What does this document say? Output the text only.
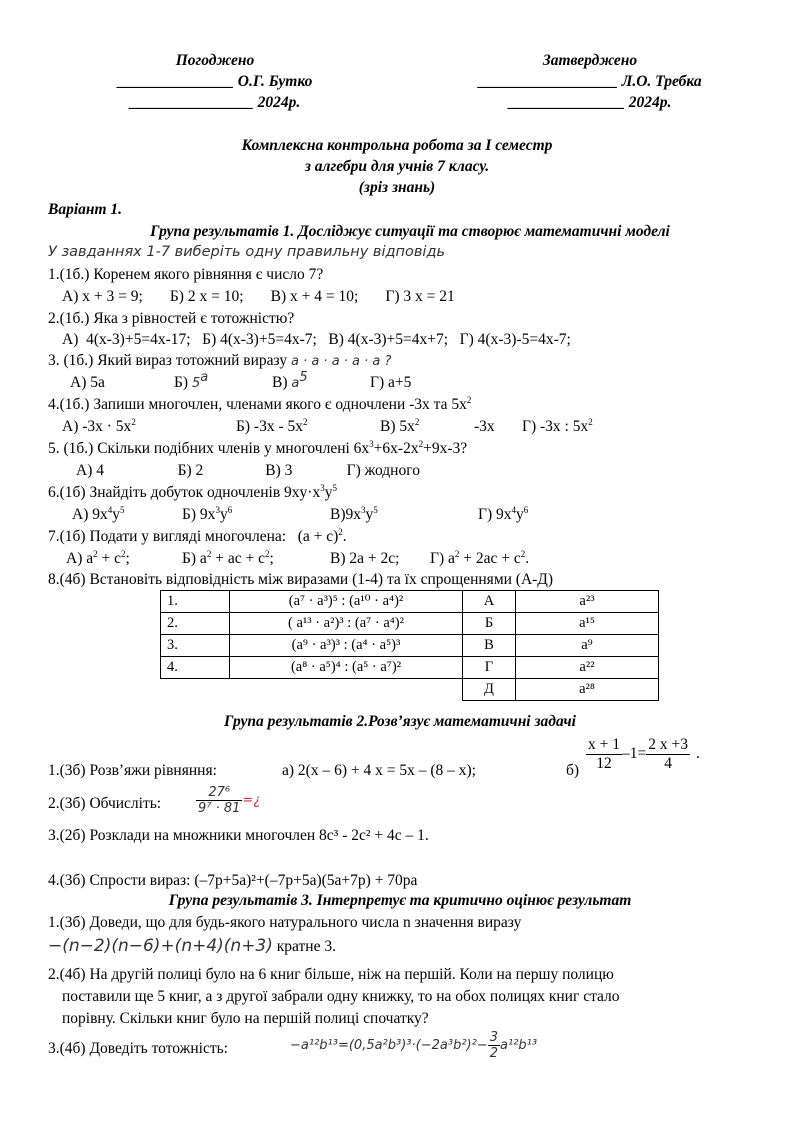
Погоджено
_______________ О.Г. Бутко
________________ 2024р.
Затверджено
__________________ Л.О. Требка
_______________ 2024р.
Комплексна контрольна робота за І семестр
з алгебри для учнів 7 класу.
(зріз знань)
Варіант 1.
Група результатів 1. Досліджує ситуації та створює математичні моделі
У завданнях 1-7 виберіть одну правильну відповідь
1.(1б.) Коренем якого рівняння є число 7?
А) x + 3 = 9;       Б) 2 x = 10;       В) x + 4 = 10;       Г) 3 x = 21
2.(1б.) Яка з рівностей є тотожністю?
А)  4(x-3)+5=4x-17;   Б) 4(x-3)+5=4x-7;   В) 4(x-3)+5=4x+7;   Г) 4(x-3)-5=4x-7;
3. (1б.) Який вираз тотожний виразу a · a · a · a · a ?
А) 5a	Б) 5$^a$	В) $a^5$	Г) a+5
4.(1б.) Запиши многочлен, членами якого є одночлени -3x та $5x^2$
А) $-3x \cdot 5x^2$	Б) $-3x - 5x^2$	В) $5x^2$	-3x Г) -3x : $5x^2$
5. (1б.) Скільки подібних членів у многочлені $6x^3+6x-2x^2+9x-3$?
А) 4                   Б) 2                В) 3              Г) жодного
6.(1б) Знайдіть добуток одночленів $9xy\cdot x^3y^5$
А) $9x^4y^5$	Б) $9x^3y^6$	$В)9x^3y^5$	Г) $9x^4y^6$
7.(1б) Подати у вигляді многочлена: $(a + c)^2$.
А) $a^2 + c^2$;	Б) $a^2$ + ac + $c^2$;	В) 2a + 2c; Г) $a^2 + 2ac + c^2$.
8.(4б) Встановіть відповідність між виразами (1-4) та їх спрощеннями (А-Д)
1.	(a⁷ · a³)⁵ : (a¹⁰ · a⁴)²	А	a²³
2.	( a¹³ · a²)³ : (a⁷ · a⁴)²	Б	a¹⁵
3.	(a⁹ · a³)³ : (a⁴ · a⁵)³	В	a⁹
4.	(a⁸ · a⁵)⁴ : (a⁵ · a⁷)²	Г	a²²
		Д	a²⁸
Група результатів 2.Розв’язує математичні задачі
1.(3б) Розв’яжи рівняння:	а) 2(x – 6) + 4 x = 5x – (8 – x);	$б) \frac{x + 1}{12} -1= \frac{2 x +3}{4}$ .
2.(3б) Обчисліть:	$\frac{\text{27⁶}}{\text{9⁷ · 81}}$ =¿
3.(2б) Розклади на множники многочлен 8c³ - 2c² + 4c – 1.
4.(3б) Спрости вираз: (–7p+5a)²+(–7p+5a)(5a+7p) + 70pa
Група результатів 3. Інтерпретує та критично оцінює результат
1.(3б) Доведи, що для будь-якого натурального числа n значення виразу
−(n−2)(n−6)+(n+4)(n+3) кратне 3.
2.(4б) На другій полиці було на 6 книг більше, ніж на першій. Коли на першу полицю
поставили ще 5 книг, а з другої забрали одну книжку, то на обох полицях книг стало
порівну. Скільки книг було на першій полиці спочатку?
3.(4б) Доведіть тотожність:	$-a^{12}b^{13}=(0,5a^2b^3)^3\cdot(-2a^3b^2)^2- \frac{3}{2} a^{12}b^{13}$
